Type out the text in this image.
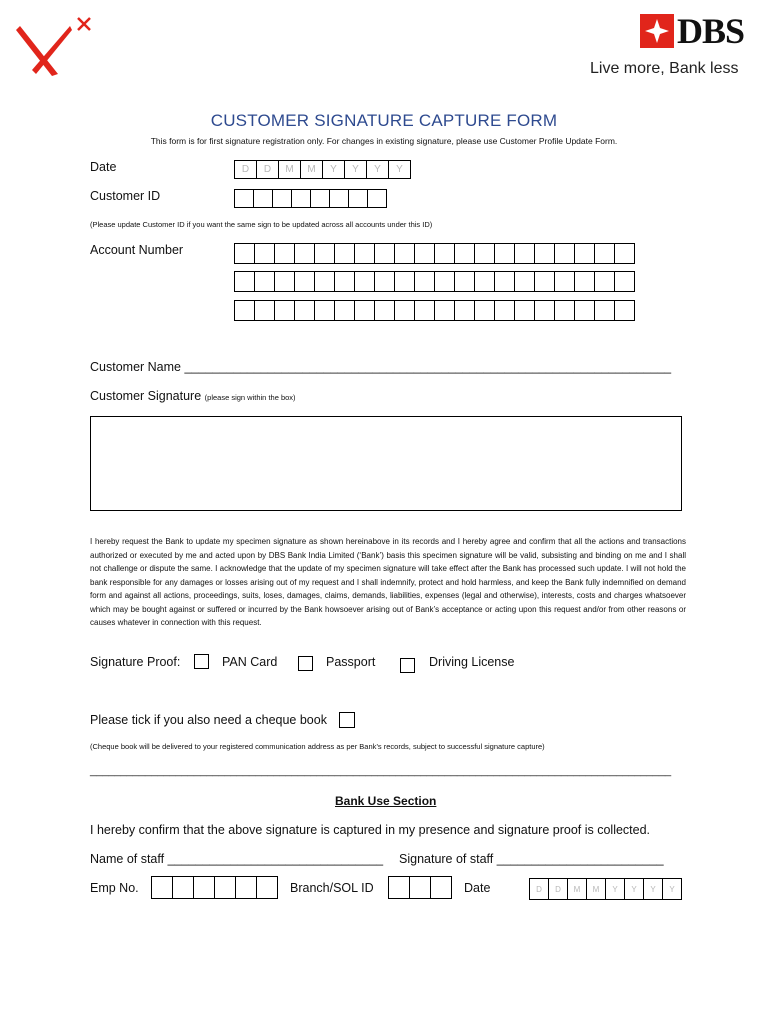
DBS
Live more, Bank less
CUSTOMER SIGNATURE CAPTURE FORM
This form is for first signature registration only. For changes in existing signature, please use Customer Profile Update Form.
Date	D	D	M	M	Y	Y	Y	Y
Customer ID
(Please update Customer ID if you want the same sign to be updated across all accounts under this ID)
Account Number
Customer Name ______________________________________________________________________
Customer Signature (please sign within the box)
I hereby request the Bank to update my specimen signature as shown hereinabove in its records and I hereby agree and confirm that all the actions and transactions authorized or executed by me and acted upon by DBS Bank India Limited (‘Bank’) basis this specimen signature will be valid, subsisting and binding on me and I shall not challenge or dispute the same. I acknowledge that the update of my specimen signature will take effect after the Bank has processed such update. I will not hold the bank responsible for any damages or losses arising out of my request and I shall indemnify, protect and hold harmless, and keep the Bank fully indemnified on demand form and against all actions, proceedings, suits, loses, damages, claims, demands, liabilities, expenses (legal and otherwise), interests, costs and charges whatsoever which may be bought against or suffered or incurred by the Bank howsoever arising out of Bank’s acceptance or acting upon this request and/or from other reasons or causes whatever in connection with this request.
Signature Proof:	PAN Card	Passport	Driving License
Please tick if you also need a cheque book
(Cheque book will be delivered to your registered communication address as per Bank’s records, subject to successful signature capture)
_______________________________________________________________________________________________
Bank Use Section
I hereby confirm that the above signature is captured in my presence and signature proof is collected.
Name of staff _______________________________ Signature of staff ________________________
Emp No.	Branch/SOL ID	Date	D	D	M	M	Y	Y	Y	Y
